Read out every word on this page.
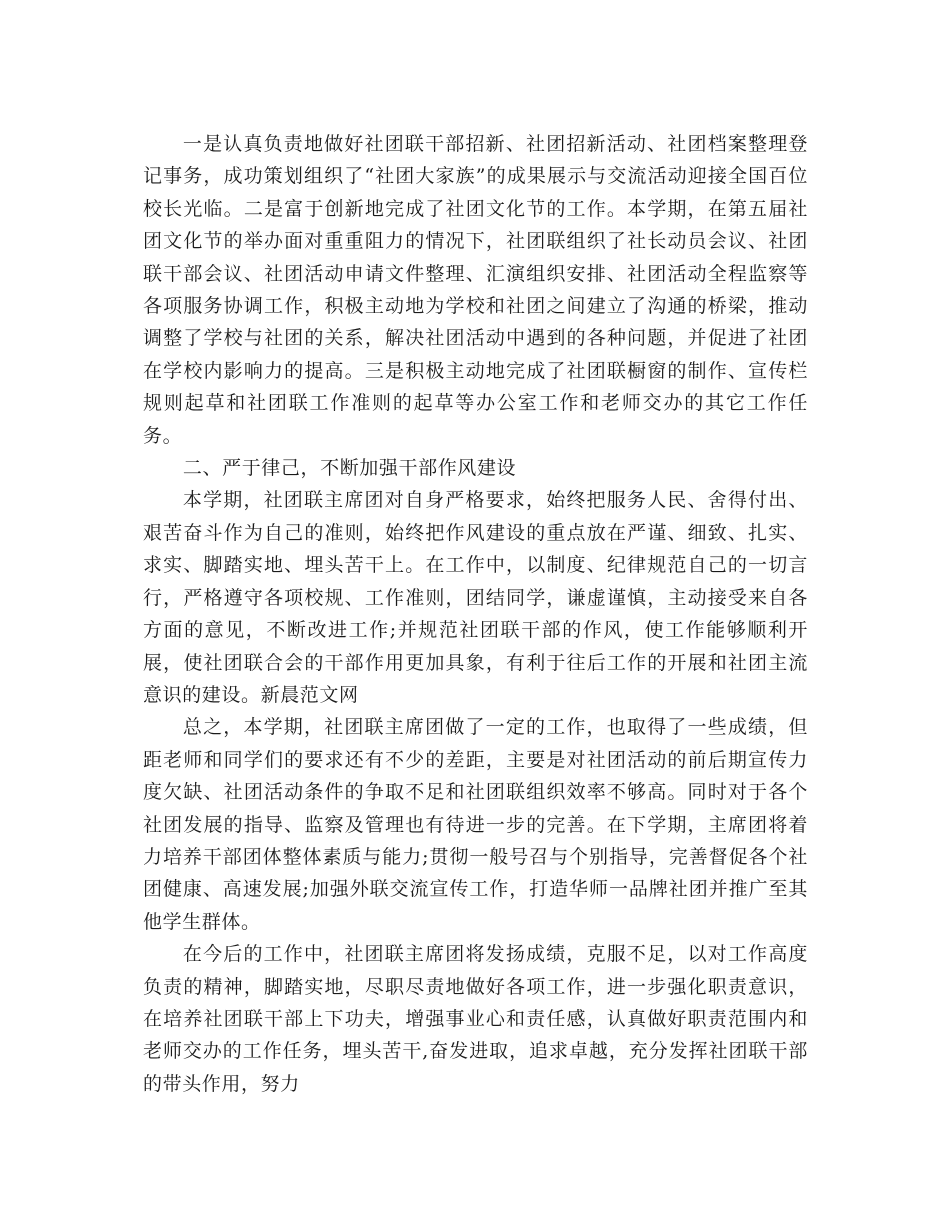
一是认真负责地做好社团联干部招新、社团招新活动、社团档案整理登记事务，成功策划组织了“社团大家族”的成果展示与交流活动迎接全国百位校长光临。二是富于创新地完成了社团文化节的工作。本学期，在第五届社团文化节的举办面对重重阻力的情况下，社团联组织了社长动员会议、社团联干部会议、社团活动申请文件整理、汇演组织安排、社团活动全程监察等各项服务协调工作，积极主动地为学校和社团之间建立了沟通的桥梁，推动调整了学校与社团的关系，解决社团活动中遇到的各种问题，并促进了社团在学校内影响力的提高。三是积极主动地完成了社团联橱窗的制作、宣传栏规则起草和社团联工作准则的起草等办公室工作和老师交办的其它工作任务。

二、严于律己，不断加强干部作风建设

本学期，社团联主席团对自身严格要求，始终把服务人民、舍得付出、艰苦奋斗作为自己的准则，始终把作风建设的重点放在严谨、细致、扎实、求实、脚踏实地、埋头苦干上。在工作中，以制度、纪律规范自己的一切言行，严格遵守各项校规、工作准则，团结同学，谦虚谨慎，主动接受来自各方面的意见，不断改进工作;并规范社团联干部的作风，使工作能够顺利开展，使社团联合会的干部作用更加具象，有利于往后工作的开展和社团主流意识的建设。新晨范文网

总之，本学期，社团联主席团做了一定的工作，也取得了一些成绩，但距老师和同学们的要求还有不少的差距，主要是对社团活动的前后期宣传力度欠缺、社团活动条件的争取不足和社团联组织效率不够高。同时对于各个社团发展的指导、监察及管理也有待进一步的完善。在下学期，主席团将着力培养干部团体整体素质与能力;贯彻一般号召与个别指导，完善督促各个社团健康、高速发展;加强外联交流宣传工作，打造华师一品牌社团并推广至其他学生群体。

在今后的工作中，社团联主席团将发扬成绩，克服不足，以对工作高度负责的精神，脚踏实地，尽职尽责地做好各项工作，进一步强化职责意识，在培养社团联干部上下功夫，增强事业心和责任感，认真做好职责范围内和老师交办的工作任务，埋头苦干,奋发进取，追求卓越，充分发挥社团联干部的带头作用，努力
